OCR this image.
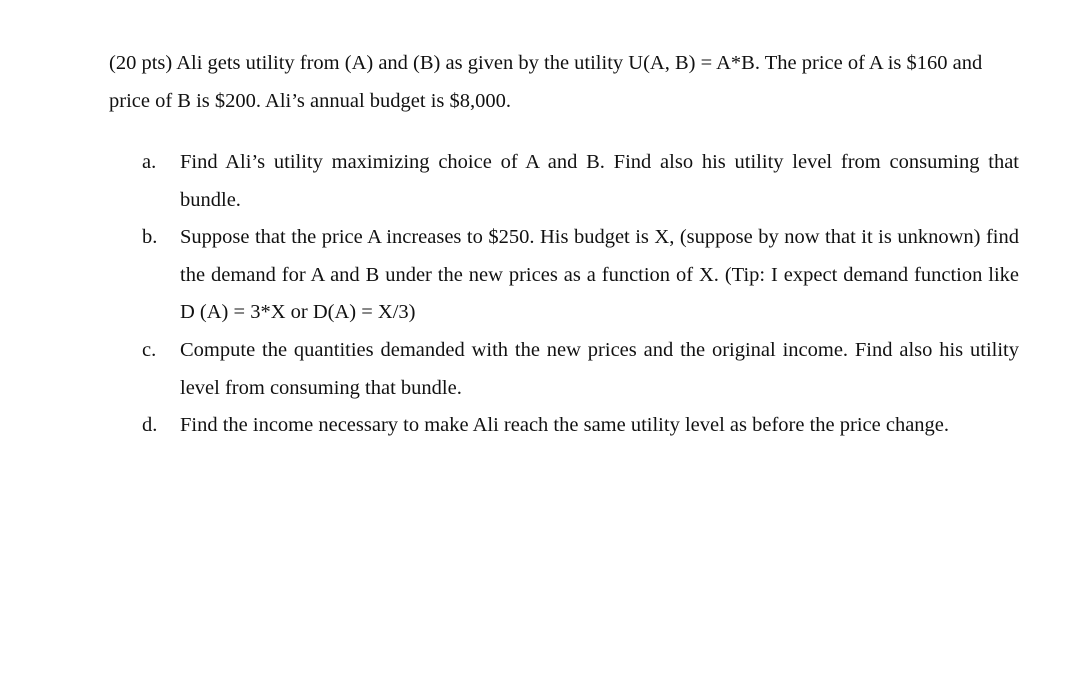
(20 pts) Ali gets utility from (A) and (B) as given by the utility U(A, B) = A*B. The price of A is $160 and price of B is $200. Ali’s annual budget is $8,000.

a. Find Ali’s utility maximizing choice of A and B. Find also his utility level from consuming that bundle.
b. Suppose that the price A increases to $250. His budget is X, (suppose by now that it is unknown) find the demand for A and B under the new prices as a function of X. (Tip: I expect demand function like D (A) = 3*X or D(A) = X/3)
c. Compute the quantities demanded with the new prices and the original income. Find also his utility level from consuming that bundle.
d. Find the income necessary to make Ali reach the same utility level as before the price change.
